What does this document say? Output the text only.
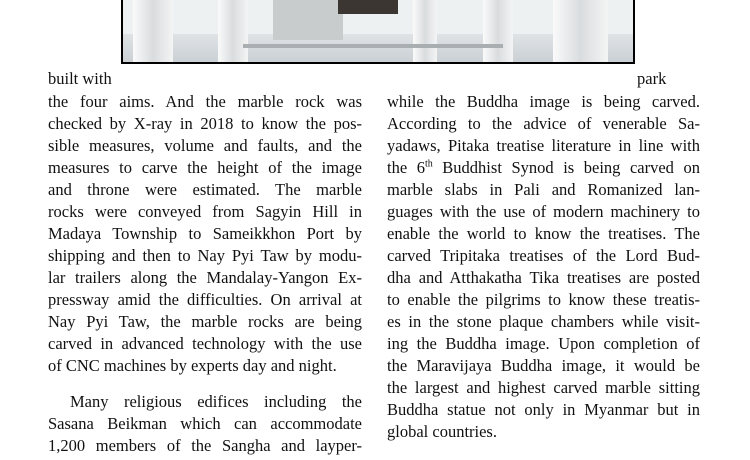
built with	park

the four aims. And the marble rock was
checked by X-ray in 2018 to know the pos-
sible measures, volume and faults, and the
measures to carve the height of the image
and throne were estimated. The marble
rocks were conveyed from Sagyin Hill in
Madaya Township to Sameikkhon Port by
shipping and then to Nay Pyi Taw by modu-
lar trailers along the Mandalay-Yangon Ex-
pressway amid the difficulties. On arrival at
Nay Pyi Taw, the marble rocks are being
carved in advanced technology with the use
of CNC machines by experts day and night.

Many religious edifices including the
Sasana Beikman which can accommodate
1,200 members of the Sangha and layper-

while the Buddha image is being carved.
According to the advice of venerable Sa-
yadaws, Pitaka treatise literature in line with
the 6th Buddhist Synod is being carved on
marble slabs in Pali and Romanized lan-
guages with the use of modern machinery to
enable the world to know the treatises. The
carved Tripitaka treatises of the Lord Bud-
dha and Atthakatha Tika treatises are posted
to enable the pilgrims to know these treatis-
es in the stone plaque chambers while visit-
ing the Buddha image. Upon completion of
the Maravijaya Buddha image, it would be
the largest and highest carved marble sitting
Buddha statue not only in Myanmar but in
global countries.
